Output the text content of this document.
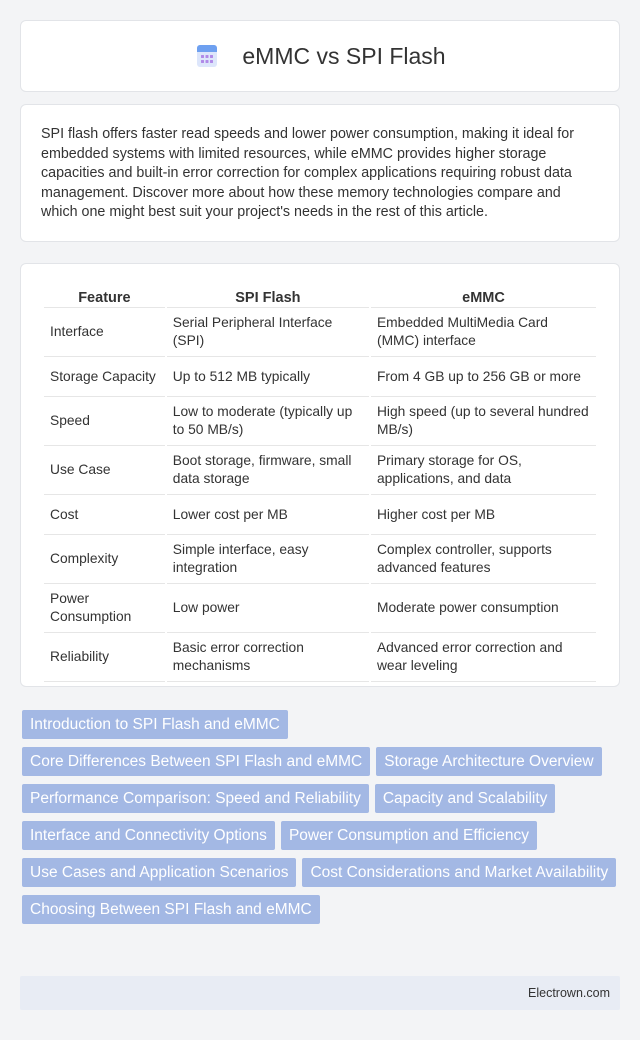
eMMC vs SPI Flash

SPI flash offers faster read speeds and lower power consumption, making it ideal for embedded systems with limited resources, while eMMC provides higher storage capacities and built-in error correction for complex applications requiring robust data management. Discover more about how these memory technologies compare and which one might best suit your project's needs in the rest of this article.

Feature	SPI Flash	eMMC
Interface	Serial Peripheral Interface (SPI)	Embedded MultiMedia Card (MMC) interface
Storage Capacity	Up to 512 MB typically	From 4 GB up to 256 GB or more
Speed	Low to moderate (typically up to 50 MB/s)	High speed (up to several hundred MB/s)
Use Case	Boot storage, firmware, small data storage	Primary storage for OS, applications, and data
Cost	Lower cost per MB	Higher cost per MB
Complexity	Simple interface, easy integration	Complex controller, supports advanced features
Power Consumption	Low power	Moderate power consumption
Reliability	Basic error correction mechanisms	Advanced error correction and wear leveling
Introduction to SPI Flash and eMMC
Core Differences Between SPI Flash and eMMC	Storage Architecture Overview
Performance Comparison: Speed and Reliability	Capacity and Scalability
Interface and Connectivity Options	Power Consumption and Efficiency
Use Cases and Application Scenarios	Cost Considerations and Market Availability
Choosing Between SPI Flash and eMMC
Electrown.com
